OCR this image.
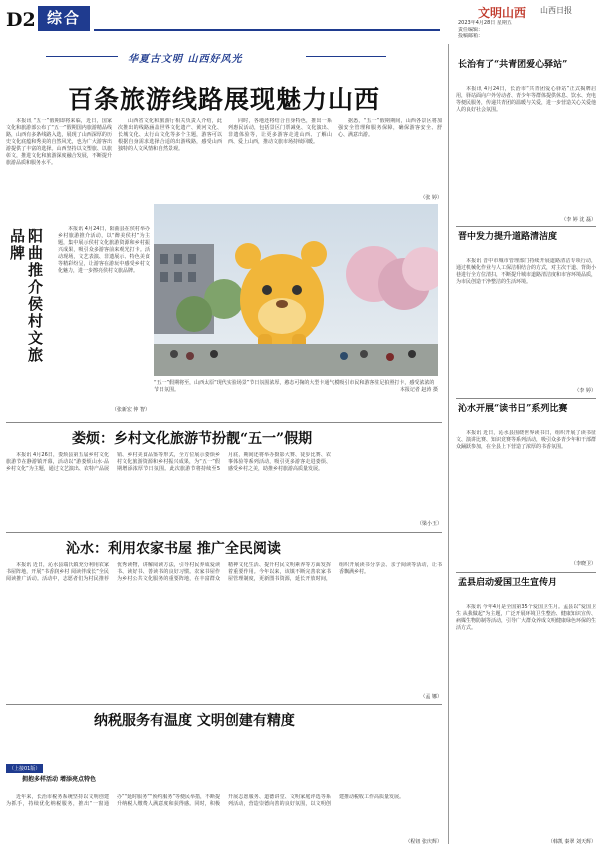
D2 综合	文明山西 山西日报
2023年4月28日 星期五
责任编辑：
投稿邮箱：
华夏古文明 山西好风光
百条旅游线路展现魅力山西

本报讯 “五一”假期即将来临，近日，国家文化和旅游部公布了“五一”假期国内旅游精品线路，山西有多条线路入选，展现了山西深厚的历史文化底蕴和秀美的自然风光，也为广大游客出游提供了丰富的选择。山西坚持以文塑旅、以旅彰文，推进文化和旅游深度融合发展，不断提升旅游品质和服务水平。

山西省文化和旅游厅相关负责人介绍，此次推出的线路涵盖世界文化遗产、黄河文化、长城文化、太行山文化等多个主题，游客可以根据自身需求选择合适的出游线路，感受山西独特的人文风情和自然景观。

同时，各地还将结合自身特色，推出一系列惠民活动，包括景区门票减免、文化演出、非遗体验等，让更多游客走进山西、了解山西、爱上山西，推动文旅市场持续回暖。

据悉，“五一”假期期间，山西各景区将加强安全管理和服务保障，确保游客安全、舒心、满意出游。

（张 婷）
阳曲推介侯村文旅品牌	本报讯 4月24日，阳曲县在侯村举办乡村旅游推介活动，以“醉美侯村”为主题，集中展示侯村文化旅游资源和乡村振兴成果，吸引众多游客前来观光打卡。活动现场，文艺表演、非遗展示、特色美食等精彩纷呈，让游客在游玩中感受乡村文化魅力，进一步擦亮侯村文旅品牌。

（张新宏 仲 智）
“五一”假期将至，山西太原“现代实验场景”节日氛围浓厚，憨态可掬的大型卡通气模吸引市民和游客驻足拍照打卡，感受浓浓的节日氛围。	本报记者 赵涛 摄
娄烦：乡村文化旅游节扮靓“五一”假期

本报讯 4月26日，娄烦县第五届乡村文化旅游节在静游镇开幕，活动以“游娄烦山水·品乡村文化”为主题，通过文艺演出、农特产品展销、乡村美食品鉴等形式，全方位展示娄烦乡村文化旅游资源和乡村振兴成果，为“五一”假期增添浓厚节日氛围。此次旅游节将持续至5月底，期间还将举办摄影大赛、徒步比赛、农事体验等系列活动，吸引更多游客走进娄烦、感受乡村之美，助推乡村旅游高质量发展。

（梁小玉）
沁水：利用农家书屋 推广全民阅读

本报讯 近日，沁水县端氏镇充分利用农家书屋阵地，开展“书香润乡村 阅读伴成长”全民阅读推广活动。活动中，志愿者们为村民推荐优秀读物，讲解阅读方法，引导村民养成爱读书、读好书、善读书的良好习惯。农家书屋作为乡村公共文化服务的重要阵地，在丰富群众精神文化生活、提升村民文明素养等方面发挥着重要作用。今年以来，该镇不断完善农家书屋管理制度，更新图书资源，延长开放时间，组织开展读书分享会、亲子阅读等活动，让书香飘满乡村。

（孟 娜）
纳税服务有温度 文明创建有精度
（上接01版）
拥抱多样活动 增添亮点特色

近年来，长治市税务系统坚持以文明创建为抓手，持续优化纳税服务，推出“一窗通办”“延时服务”“预约服务”等便民举措，不断提升纳税人缴费人满意度和获得感。同时，积极开展志愿服务、道德讲堂、文明家庭评选等系列活动，营造崇德向善的良好氛围，以文明创建推动税收工作高质量发展。

（程钮 张庆辉）
长治有了“共青团爱心驿站”

本报讯 4月24日，长治市“共青团爱心驿站”正式揭牌启用，驿站面向户外劳动者、青少年等群体提供休息、饮水、充电等便民服务，传递共青团的温暖与关爱，进一步营造关心关爱他人的良好社会氛围。

（李 婷 沈 磊）
晋中发力提升道路清洁度

本报讯 晋中市城市管理部门持续开展道路清洁专项行动，通过机械化作业与人工保洁相结合的方式，对主次干道、背街小巷进行全方位清扫，不断提升城市道路清洁度和市容环境品质，为市民创造干净整洁的生活环境。

（李 婷）
沁水开展“读书日”系列比赛

本报讯 近日，沁水县围绕世界读书日，组织开展了读书征文、演讲比赛、知识竞赛等系列活动，吸引众多青少年和干部群众踊跃参加，在全县上下营造了浓厚的书香氛围。

（李晓卫）
孟县启动爱国卫生宣传月

本报讯 今年4月是全国第35个爱国卫生月。孟县以“爱国卫生 从我做起”为主题，广泛开展环境卫生整治、健康知识宣传、病媒生物防制等活动，引导广大群众养成文明健康绿色环保的生活方式。

（韩凯 秦翠 刘天辉）
